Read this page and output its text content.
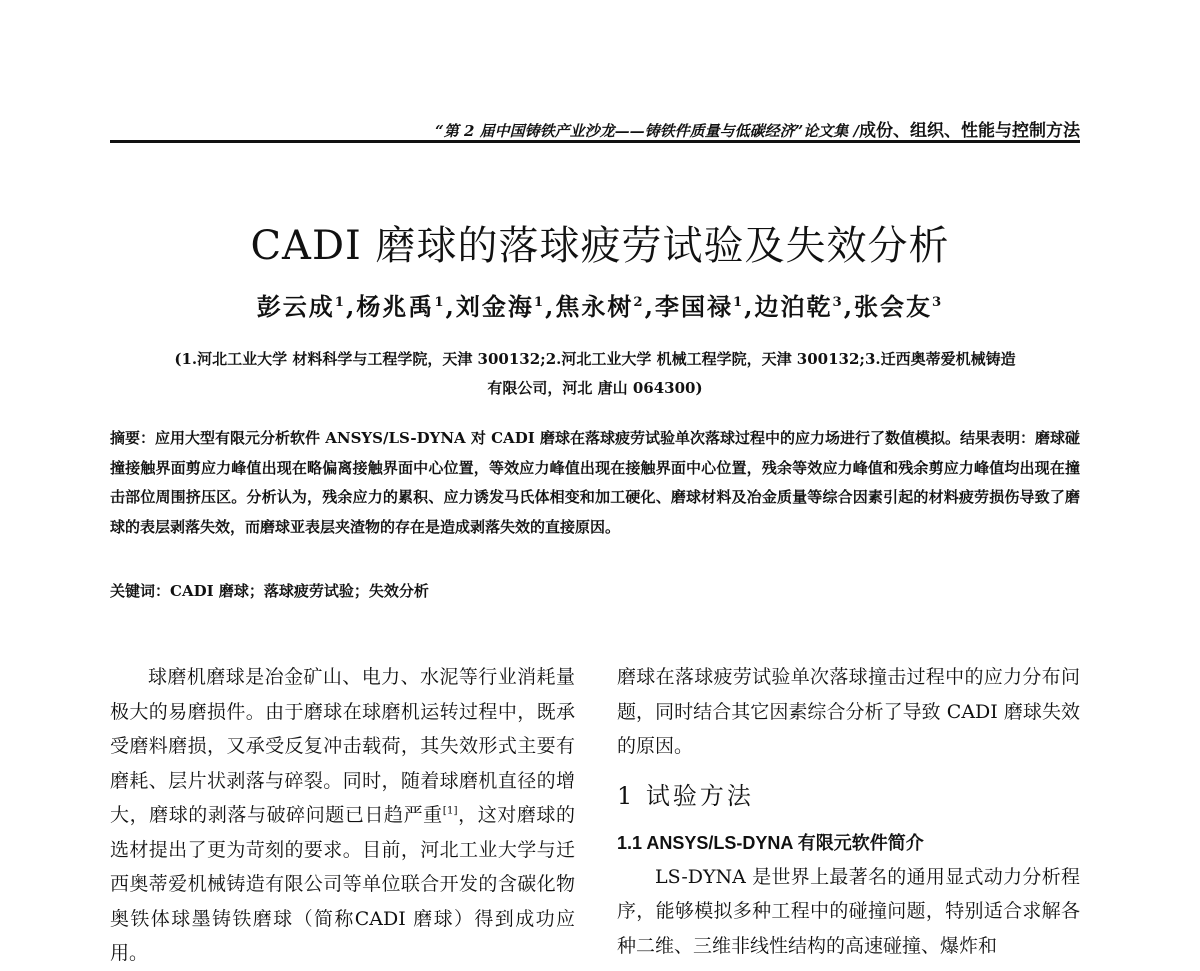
“第 2 届中国铸铁产业沙龙——铸铁件质量与低碳经济”论文集 /成份、组织、性能与控制方法
CADI 磨球的落球疲劳试验及失效分析
彭云成$^1$,杨兆禹$^1$,刘金海$^1$,焦永树$^2$,李国禄$^1$,边泊乾$^3$,张会友$^3$
(1.河北工业大学 材料科学与工程学院，天津 300132;2.河北工业大学 机械工程学院，天津 300132;3.迁西奥蒂爱机械铸造
有限公司，河北 唐山 064300)
摘要：应用大型有限元分析软件 ANSYS/LS-DYNA 对 CADI 磨球在落球疲劳试验单次落球过程中的应力场进行了数值模拟。结果表明：磨球碰撞接触界面剪应力峰值出现在略偏离接触界面中心位置，等效应力峰值出现在接触界面中心位置，残余等效应力峰值和残余剪应力峰值均出现在撞击部位周围挤压区。分析认为，残余应力的累积、应力诱发马氏体相变和加工硬化、磨球材料及冶金质量等综合因素引起的材料疲劳损伤导致了磨球的表层剥落失效，而磨球亚表层夹渣物的存在是造成剥落失效的直接原因。
关键词：CADI 磨球；落球疲劳试验；失效分析

球磨机磨球是冶金矿山、电力、水泥等行业消耗量极大的易磨损件。由于磨球在球磨机运转过程中，既承受磨料磨损，又承受反复冲击载荷，其失效形式主要有磨耗、层片状剥落与碎裂。同时，随着球磨机直径的增大，磨球的剥落与破碎问题已日趋严重[1]，这对磨球的选材提出了更为苛刻的要求。目前，河北工业大学与迁西奥蒂爱机械铸造有限公司等单位联合开发的含碳化物奥铁体球墨铸铁磨球（简称CADI 磨球）得到成功应用。

磨球在落球疲劳试验单次落球撞击过程中的应力分布问题，同时结合其它因素综合分析了导致 CADI 磨球失效的原因。

1 试验方法
1.1 ANSYS/LS-DYNA 有限元软件简介

LS-DYNA 是世界上最著名的通用显式动力分析程序，能够模拟多种工程中的碰撞问题，特别适合求解各种二维、三维非线性结构的高速碰撞、爆炸和
